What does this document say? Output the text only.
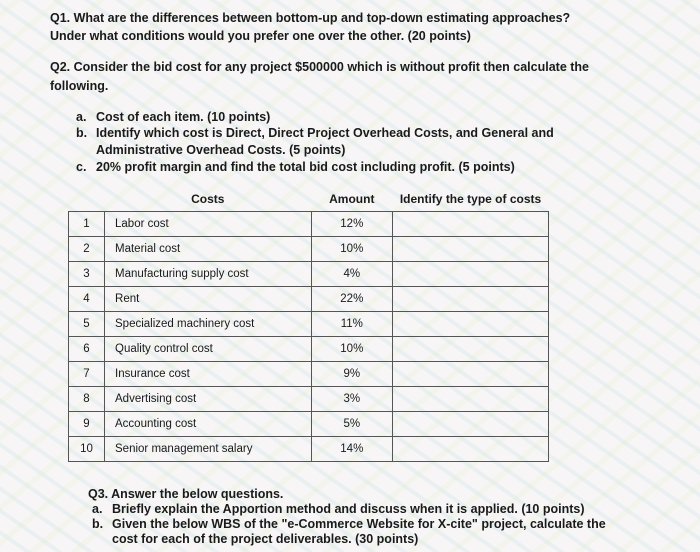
Q1. What are the differences between bottom-up and top-down estimating approaches?
Under what conditions would you prefer one over the other. (20 points)
Q2. Consider the bid cost for any project $500000 which is without profit then calculate the
following.
a. Cost of each item. (10 points)
b. Identify which cost is Direct, Direct Project Overhead Costs, and General and
Administrative Overhead Costs. (5 points)
c. 20% profit margin and find the total bid cost including profit. (5 points)
	Costs	Amount	Identify the type of costs
1	Labor cost	12%	
2	Material cost	10%	
3	Manufacturing supply cost	4%	
4	Rent	22%	
5	Specialized machinery cost	11%	
6	Quality control cost	10%	
7	Insurance cost	9%	
8	Advertising cost	3%	
9	Accounting cost	5%	
10	Senior management salary	14%	
Q3. Answer the below questions.
a. Briefly explain the Apportion method and discuss when it is applied. (10 points)
b. Given the below WBS of the "e-Commerce Website for X-cite" project, calculate the
cost for each of the project deliverables. (30 points)
